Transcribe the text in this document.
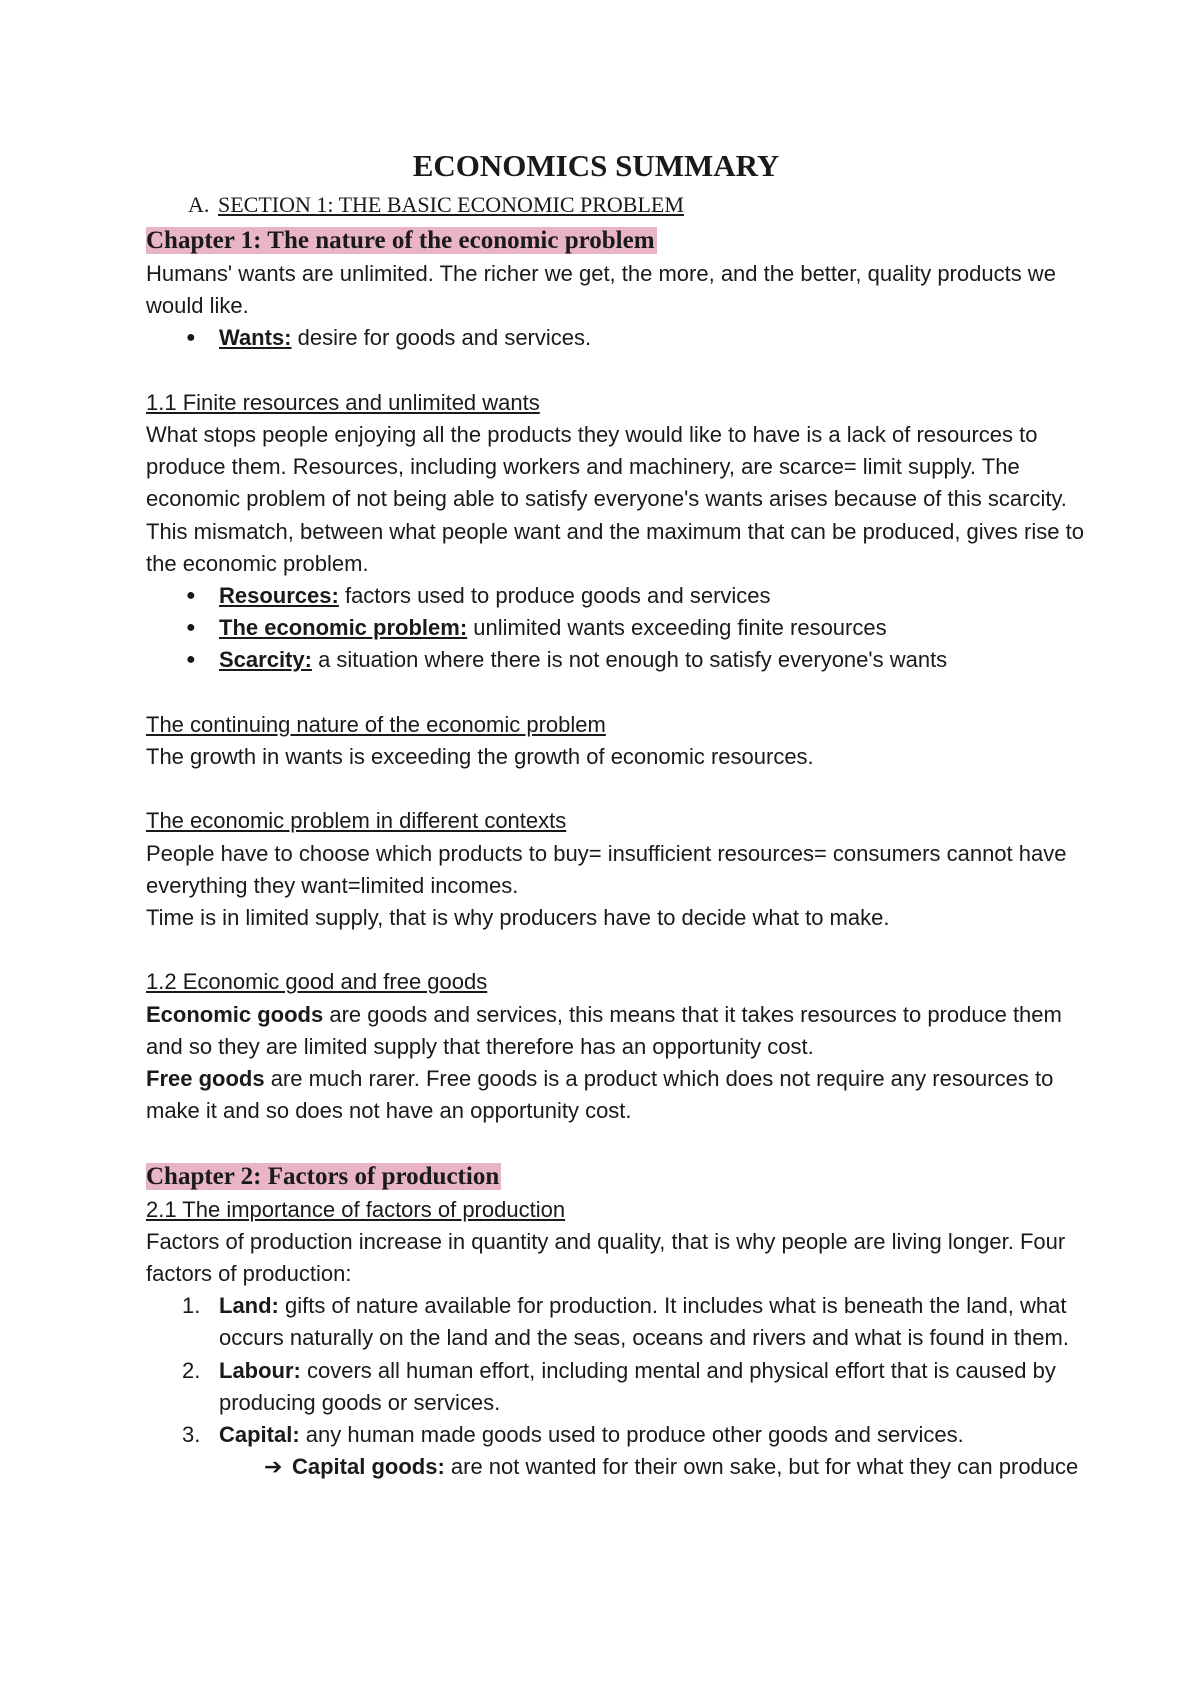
ECONOMICS SUMMARY
A. SECTION 1: THE BASIC ECONOMIC PROBLEM
Chapter 1: The nature of the economic problem

Humans' wants are unlimited. The richer we get, the more, and the better, quality products we would like.

● Wants: desire for goods and services.

1.1 Finite resources and unlimited wants

What stops people enjoying all the products they would like to have is a lack of resources to produce them. Resources, including workers and machinery, are scarce= limit supply. The economic problem of not being able to satisfy everyone's wants arises because of this scarcity. This mismatch, between what people want and the maximum that can be produced, gives rise to the economic problem.

● Resources: factors used to produce goods and services
● The economic problem: unlimited wants exceeding finite resources
● Scarcity: a situation where there is not enough to satisfy everyone's wants

The continuing nature of the economic problem

The growth in wants is exceeding the growth of economic resources.

The economic problem in different contexts

People have to choose which products to buy= insufficient resources= consumers cannot have everything they want=limited incomes.

Time is in limited supply, that is why producers have to decide what to make.

1.2 Economic good and free goods

Economic goods are goods and services, this means that it takes resources to produce them and so they are limited supply that therefore has an opportunity cost.

Free goods are much rarer. Free goods is a product which does not require any resources to make it and so does not have an opportunity cost.

Chapter 2: Factors of production

2.1 The importance of factors of production

Factors of production increase in quantity and quality, that is why people are living longer. Four factors of production:

1. Land: gifts of nature available for production. It includes what is beneath the land, what occurs naturally on the land and the seas, oceans and rivers and what is found in them.
2. Labour: covers all human effort, including mental and physical effort that is caused by producing goods or services.
3. Capital: any human made goods used to produce other goods and services.
➔ Capital goods: are not wanted for their own sake, but for what they can produce
